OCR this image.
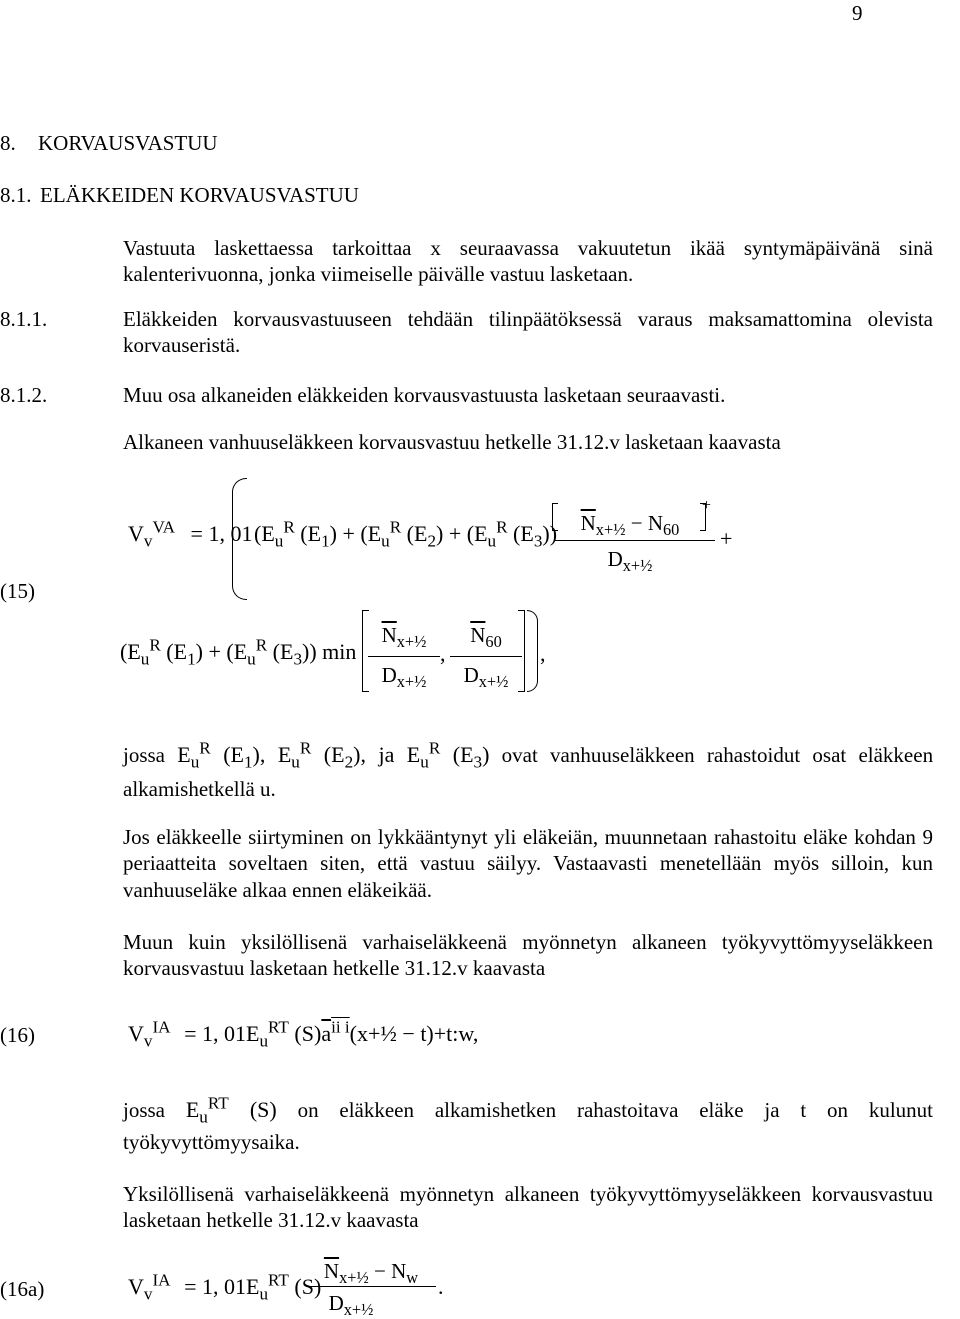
9
8. KORVAUSVASTUU
8.1. ELÄKKEIDEN KORVAUSVASTUU
Vastuuta laskettaessa tarkoittaa x seuraavassa vakuutetun ikää syntymäpäivänä sinä kalenterivuonna, jonka viimeiselle päivälle vastuu lasketaan.
8.1.1.	Eläkkeiden korvausvastuuseen tehdään tilinpäätöksessä varaus maksamattomina olevista korvauseristä.
8.1.2.	Muu osa alkaneiden eläkkeiden korvausvastuusta lasketaan seuraavasti.
Alkaneen vanhuuseläkkeen korvausvastuu hetkelle 31.12.v lasketaan kaavasta
(15)
$V_v^{VA} = 1$, 01 ($E_u^R$ $(E_1) + (E_u^R$ $(E_2) + (E_u^R$ $(E_3)$)	$\overline{N}_{x+\frac{1}{2}} - N_{60}$
+
$D_{x+\frac{1}{2}}$
+
($E_u^R$ $(E_1) + (E_u^R$ $(E_3)$) min
$\overline{N}_{x+\frac{1}{2}}$
$D_{x+\frac{1}{2}}$
,
$\overline{N}_{60}$
$D_{x+\frac{1}{2}}$
,
jossa $E_u^R$ $(E_1)$, $E_u^R$ $(E_2)$, ja $E_u^R$ $(E_3)$ ovat vanhuuseläkkeen rahastoidut osat eläkkeen alkamishetkellä u.
Jos eläkkeelle siirtyminen on lykkääntynyt yli eläkeiän, muunnetaan rahastoitu eläke kohdan 9 periaatteita soveltaen siten, että vastuu säilyy. Vastaavasti menetellään myös silloin, kun vanhuuseläke alkaa ennen eläkeikää.
Muun kuin yksilöllisenä varhaiseläkkeenä myönnetyn alkaneen työkyvyttömyyseläkkeen korvausvastuu lasketaan hetkelle 31.12.v kaavasta
(16)	$V_v^{IA} = 1$, $01E_u^{RT}$ $(S)\overline{a}^{ii i}(x+\frac{1}{2}$ − t)+t:w,
jossa $E_u^{RT}$ (S) on eläkkeen alkamishetken rahastoitava eläke ja t on kulunut työkyvyttömyysaika.
Yksilöllisenä varhaiseläkkeenä myönnetyn alkaneen työkyvyttömyyseläkkeen korvausvastuu lasketaan hetkelle 31.12.v kaavasta
(16a)	$V_v^{IA} = 1$, $01E_u^{RT}$ (S)
$\overline{N}_{x+\frac{1}{2}} - N_w$
$D_{x+\frac{1}{2}}$
.
